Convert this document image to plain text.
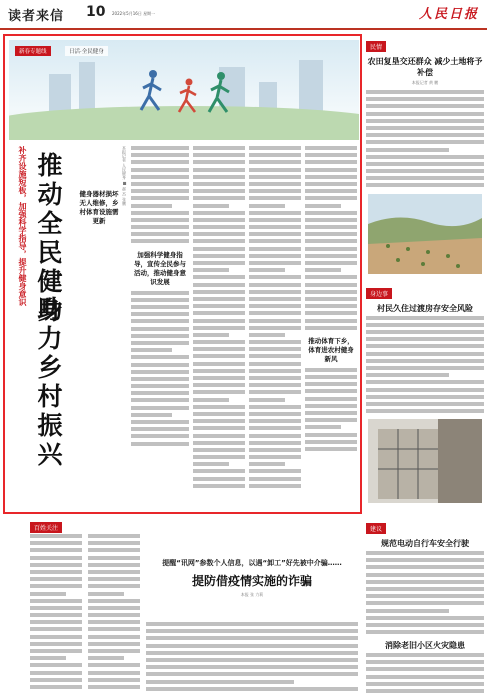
读者来信 10 2022年5月16日 星期一	人民日报
新春专题线	日活·全民健身
补齐设施短板，加强科学指导，提升健身意识 推动全民健身
助力乡村振兴
本报记者 人民健身 ■ 郝 杰 张鹏
健身器材损坏无人维修，乡村体育设施需更新
加强科学健身指导，宣传全民参与活动，推动健身意识发展
推动体育下乡，体育进农村健身新风
民情
农田复垦交还群众 减少土地将予补偿
本报记者 黄 鹏
身边事
村民久住过渡房存安全风险
百姓关注
提醒“讯网”参数个人信息，以遇“卸工”好先被中介骗……
提防借疫情实施的诈骗
本报 张 力莉
建议
规范电动自行车安全行驶
消除老旧小区火灾隐患
